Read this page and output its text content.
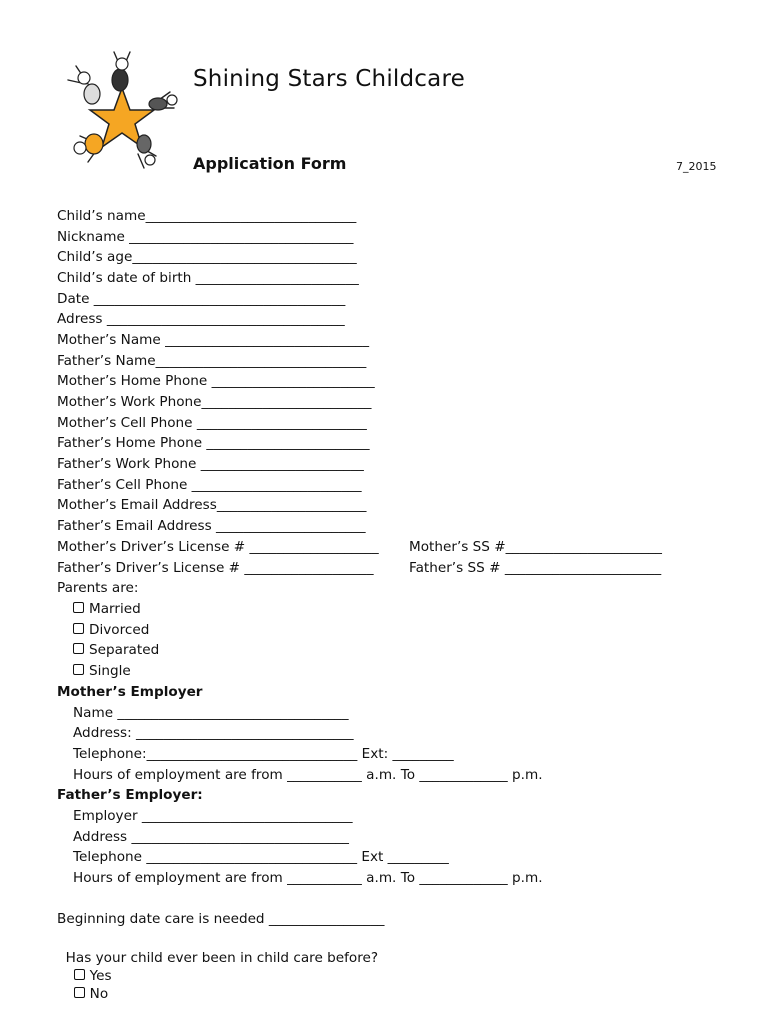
Shining Stars Childcare
Application Form	7_2015
Child’s name_______________________________
Nickname _________________________________
Child’s age_________________________________
Child’s date of birth ________________________
Date _____________________________________
Adress ___________________________________
Mother’s Name ______________________________
Father’s Name_______________________________
Mother’s Home Phone ________________________
Mother’s Work Phone_________________________
Mother’s Cell Phone _________________________
Father’s Home Phone ________________________
Father’s Work Phone ________________________
Father’s Cell Phone _________________________
Mother’s Email Address______________________
Father’s Email Address ______________________
Mother’s Driver’s License # ___________________ Mother’s SS #_______________________
Father’s Driver’s License # ___________________	Father’s SS # _______________________
Parents are:
Married
Divorced
Separated
Single
Mother’s Employer
Name __________________________________
Address: ________________________________
Telephone:_______________________________ Ext: _________
Hours of employment are from ___________ a.m. To _____________ p.m.
Father’s Employer:
Employer _______________________________
Address ________________________________
Telephone _______________________________ Ext _________
Hours of employment are from ___________ a.m. To _____________ p.m.
Beginning date care is needed _________________

Has your child ever been in child care before?
Yes
No
